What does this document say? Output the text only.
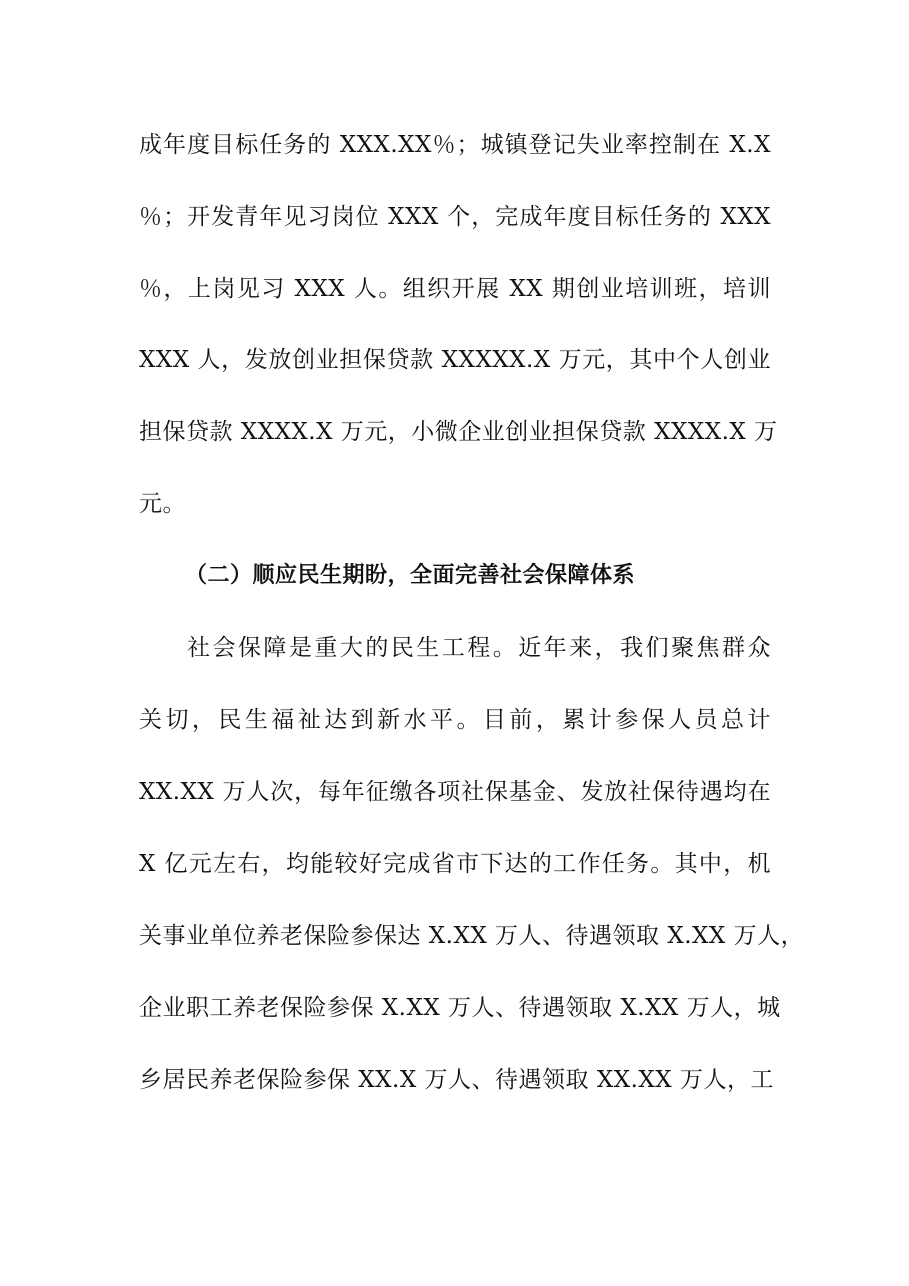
成年度目标任务的 XXX.XX％；城镇登记失业率控制在 X.X
％；开发青年见习岗位 XXX 个，完成年度目标任务的 XXX
％，上岗见习 XXX 人。组织开展 XX 期创业培训班，培训
XXX 人，发放创业担保贷款 XXXXX.X 万元，其中个人创业
担保贷款 XXXX.X 万元，小微企业创业担保贷款 XXXX.X 万
元。
（二）顺应民生期盼，全面完善社会保障体系
社会保障是重大的民生工程。近年来，我们聚焦群众
关切，民生福祉达到新水平。目前，累计参保人员总计
XX.XX 万人次，每年征缴各项社保基金、发放社保待遇均在
X 亿元左右，均能较好完成省市下达的工作任务。其中，机
关事业单位养老保险参保达 X.XX 万人、待遇领取 X.XX 万人，
企业职工养老保险参保 X.XX 万人、待遇领取 X.XX 万人，城
乡居民养老保险参保 XX.X 万人、待遇领取 XX.XX 万人，工
